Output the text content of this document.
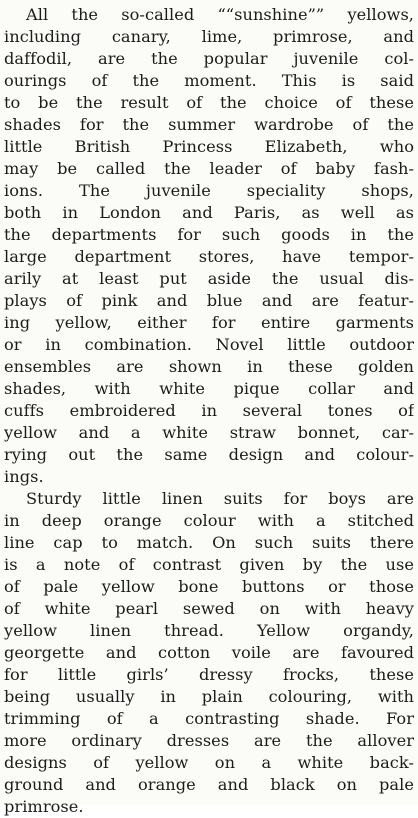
All the so-called ““sunshine”” yellows,
including canary, lime, primrose, and
daffodil, are the popular juvenile col-
ourings of the moment. This is said
to be the result of the choice of these
shades for the summer wardrobe of the
little British Princess Elizabeth, who
may be called the leader of baby fash-
ions. The juvenile speciality shops,
both in London and Paris, as well as
the departments for such goods in the
large department stores, have tempor-
arily at least put aside the usual dis-
plays of pink and blue and are featur-
ing yellow, either for entire garments
or in combination. Novel little outdoor
ensembles are shown in these golden
shades, with white pique collar and
cuffs embroidered in several tones of
yellow and a white straw bonnet, car-
rying out the same design and colour-
ings.
Sturdy little linen suits for boys are
in deep orange colour with a stitched
line cap to match. On such suits there
is a note of contrast given by the use
of pale yellow bone buttons or those
of white pearl sewed on with heavy
yellow linen thread. Yellow organdy,
georgette and cotton voile are favoured
for little girls’ dressy frocks, these
being usually in plain colouring, with
trimming of a contrasting shade. For
more ordinary dresses are the allover
designs of yellow on a white back-
ground and orange and black on pale
primrose.
